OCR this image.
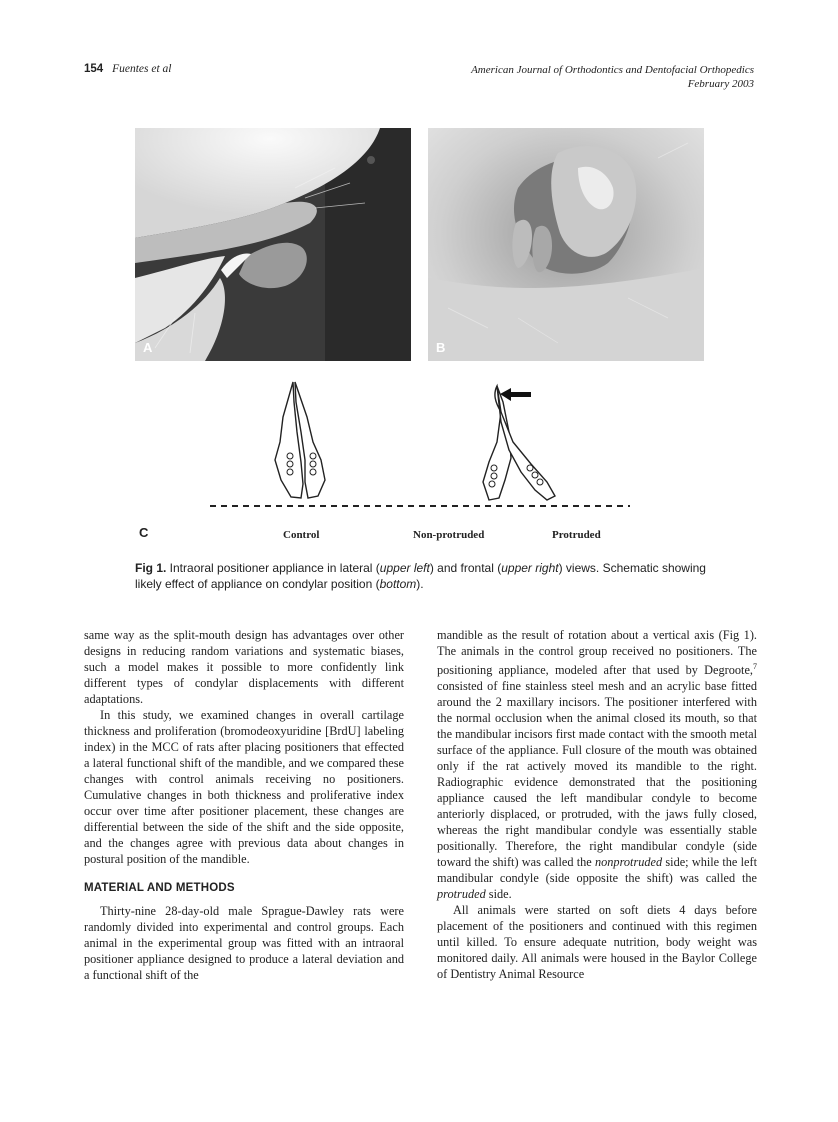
154 Fuentes et al	American Journal of Orthodontics and Dentofacial Orthopedics
February 2003
A	B
C	Control	Non-protruded	Protruded
Fig 1. Intraoral positioner appliance in lateral (upper left) and frontal (upper right) views. Schematic showing likely effect of appliance on condylar position (bottom).

same way as the split-mouth design has advantages over other designs in reducing random variations and systematic biases, such a model makes it possible to more confidently link different types of condylar displacements with different adaptations.

In this study, we examined changes in overall cartilage thickness and proliferation (bromodeoxyuridine [BrdU] labeling index) in the MCC of rats after placing positioners that effected a lateral functional shift of the mandible, and we compared these changes with control animals receiving no positioners. Cumulative changes in both thickness and proliferative index occur over time after positioner placement, these changes are differential between the side of the shift and the side opposite, and the changes agree with previous data about changes in postural position of the mandible.

MATERIAL AND METHODS

Thirty-nine 28-day-old male Sprague-Dawley rats were randomly divided into experimental and control groups. Each animal in the experimental group was fitted with an intraoral positioner appliance designed to produce a lateral deviation and a functional shift of the

mandible as the result of rotation about a vertical axis (Fig 1). The animals in the control group received no positioners. The positioning appliance, modeled after that used by Degroote,$^7$ consisted of fine stainless steel mesh and an acrylic base fitted around the 2 maxillary incisors. The positioner interfered with the normal occlusion when the animal closed its mouth, so that the mandibular incisors first made contact with the smooth metal surface of the appliance. Full closure of the mouth was obtained only if the rat actively moved its mandible to the right. Radiographic evidence demonstrated that the positioning appliance caused the left mandibular condyle to become anteriorly displaced, or protruded, with the jaws fully closed, whereas the right mandibular condyle was essentially stable positionally. Therefore, the right mandibular condyle (side toward the shift) was called the nonprotruded side; while the left mandibular condyle (side opposite the shift) was called the protruded side.

All animals were started on soft diets 4 days before placement of the positioners and continued with this regimen until killed. To ensure adequate nutrition, body weight was monitored daily. All animals were housed in the Baylor College of Dentistry Animal Resource
